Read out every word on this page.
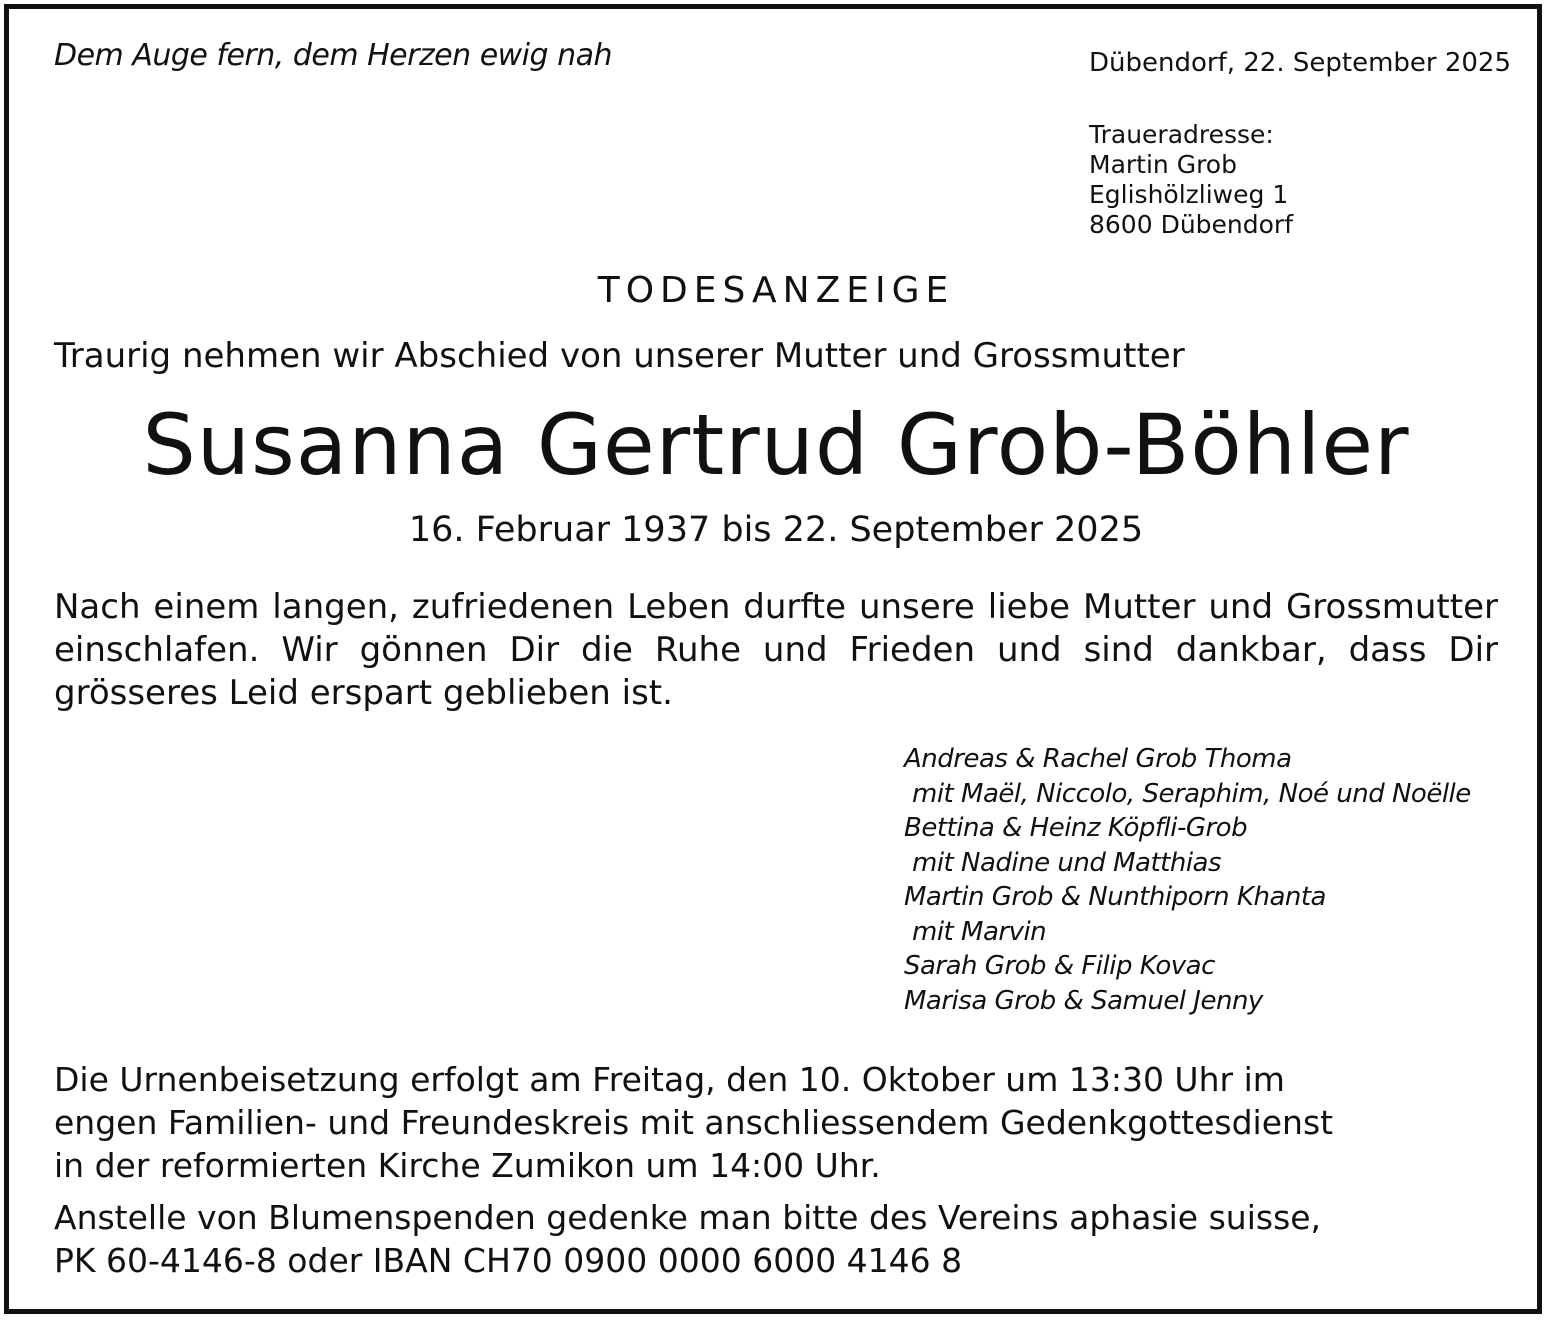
Dem Auge fern, dem Herzen ewig nah	Dübendorf, 22. September 2025
Traueradresse:
Martin Grob
Eglishölzliweg 1
8600 Dübendorf
TODESANZEIGE
Traurig nehmen wir Abschied von unserer Mutter und Grossmutter
Susanna Gertrud Grob-Böhler
16. Februar 1937 bis 22. September 2025
Nach einem langen, zufriedenen Leben durfte unsere liebe Mutter und Grossmutter einschlafen. Wir gönnen Dir die Ruhe und Frieden und sind dankbar, dass Dir grösseres Leid erspart geblieben ist.
Andreas & Rachel Grob Thoma
mit Maël, Niccolo, Seraphim, Noé und Noëlle
Bettina & Heinz Köpfli-Grob
mit Nadine und Matthias
Martin Grob & Nunthiporn Khanta
mit Marvin
Sarah Grob & Filip Kovac
Marisa Grob & Samuel Jenny
Die Urnenbeisetzung erfolgt am Freitag, den 10. Oktober um 13:30 Uhr im
engen Familien- und Freundeskreis mit anschliessendem Gedenkgottesdienst
in der reformierten Kirche Zumikon um 14:00 Uhr.
Anstelle von Blumenspenden gedenke man bitte des Vereins aphasie suisse,
PK 60-4146-8 oder IBAN CH70 0900 0000 6000 4146 8
